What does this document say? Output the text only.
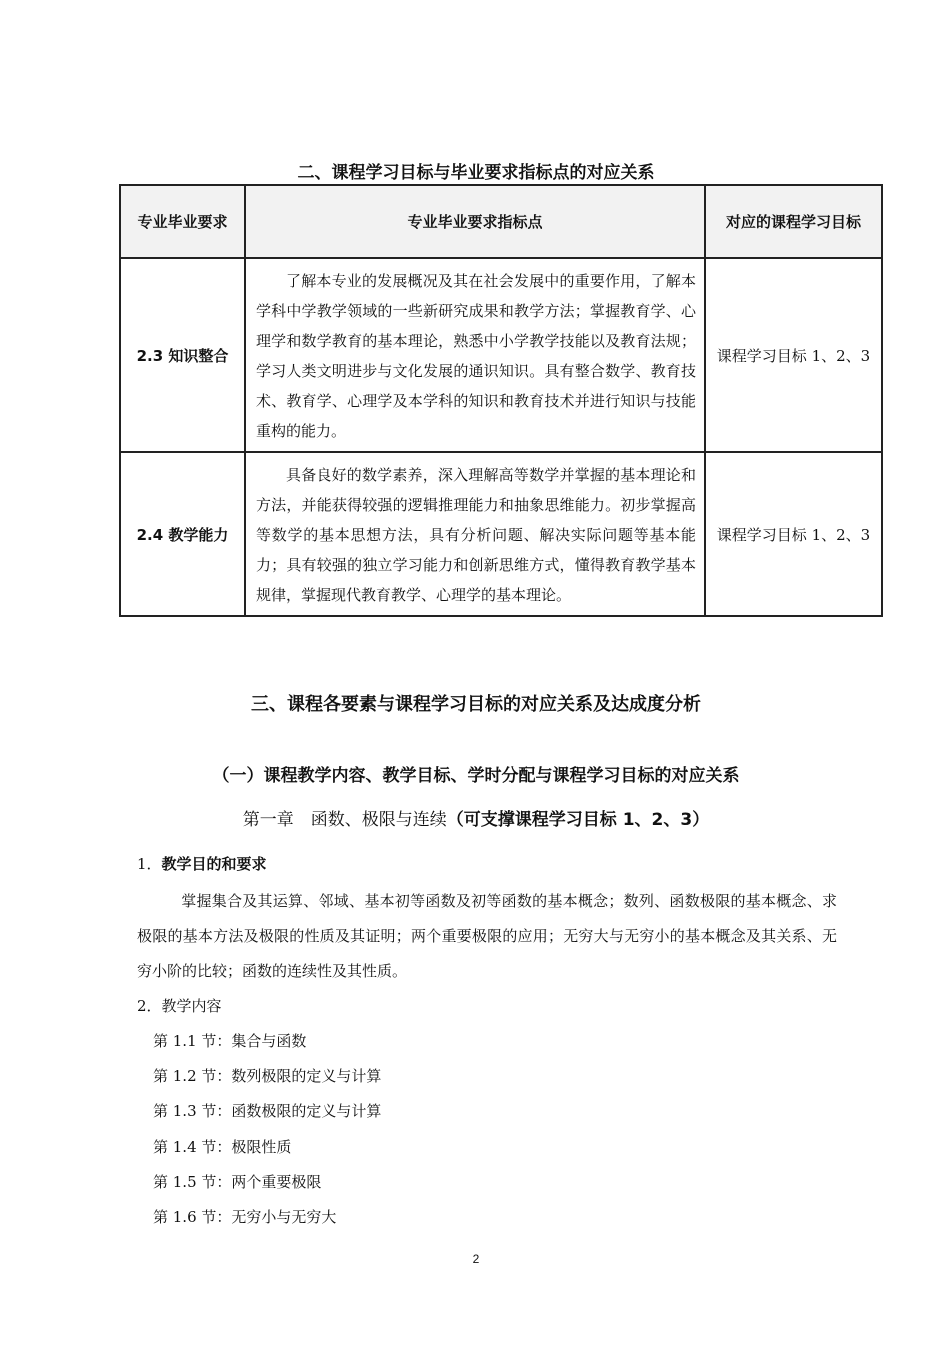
二、课程学习目标与毕业要求指标点的对应关系
专业毕业要求	专业毕业要求指标点	对应的课程学习目标
2.3 知识整合	了解本专业的发展概况及其在社会发展中的重要作用，了解本学科中学教学领域的一些新研究成果和教学方法；掌握教育学、心理学和数学教育的基本理论，熟悉中小学教学技能以及教育法规； 学习人类文明进步与文化发展的通识知识。具有整合数学、教育技术、教育学、心理学及本学科的知识和教育技术并进行知识与技能重构的能力。	课程学习目标 1、2、3
2.4 教学能力	具备良好的数学素养，深入理解高等数学并掌握的基本理论和方法，并能获得较强的逻辑推理能力和抽象思维能力。初步掌握高等数学的基本思想方法，具有分析问题、解决实际问题等基本能力；具有较强的独立学习能力和创新思维方式，懂得教育教学基本规律，掌握现代教育教学、心理学的基本理论。	课程学习目标 1、2、3
三、课程各要素与课程学习目标的对应关系及达成度分析
（一）课程教学内容、教学目标、学时分配与课程学习目标的对应关系
第一章　函数、极限与连续（可支撑课程学习目标 1、2、3）
1．教学目的和要求
掌握集合及其运算、邻域、基本初等函数及初等函数的基本概念；数列、函数极限的基本概念、求极限的基本方法及极限的性质及其证明；两个重要极限的应用；无穷大与无穷小的基本概念及其关系、无穷小阶的比较；函数的连续性及其性质。
2．教学内容
第 1.1 节：集合与函数
第 1.2 节：数列极限的定义与计算
第 1.3 节：函数极限的定义与计算
第 1.4 节：极限性质
第 1.5 节：两个重要极限
第 1.6 节：无穷小与无穷大
2
